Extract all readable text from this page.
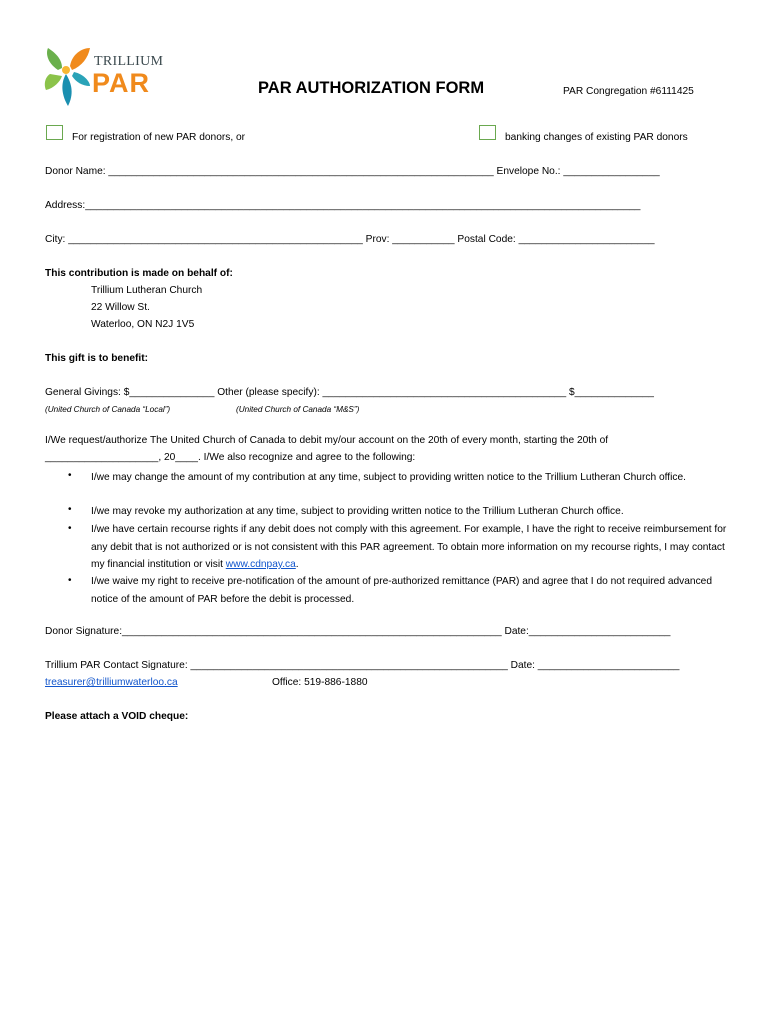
TRILLIUM
PAR	PAR AUTHORIZATION FORM	PAR Congregation #6111425
For registration of new PAR donors, or	banking changes of existing PAR donors
Donor Name: ____________________________________________________________________ Envelope No.: _________________
Address:__________________________________________________________________________________________________
City: ____________________________________________________ Prov: ___________ Postal Code: ________________________
This contribution is made on behalf of:
Trillium Lutheran Church
22 Willow St.
Waterloo, ON N2J 1V5
This gift is to benefit:
General Givings: $_______________ Other (please specify): ___________________________________________ $______________
(United Church of Canada “Local”)	(United Church of Canada “M&S”)
I/We request/authorize The United Church of Canada to debit my/our account on the 20th of every month, starting the 20th of
____________________, 20____. I/We also recognize and agree to the following:
• I/we may change the amount of my contribution at any time, subject to providing written notice to the Trillium Lutheran Church office.
• I/we may revoke my authorization at any time, subject to providing written notice to the Trillium Lutheran Church office.
• I/we have certain recourse rights if any debit does not comply with this agreement. For example, I have the right to receive reimbursement for any debit that is not authorized or is not consistent with this PAR agreement. To obtain more information on my recourse rights, I may contact my financial institution or visit www.cdnpay.ca.
• I/we waive my right to receive pre-notification of the amount of pre-authorized remittance (PAR) and agree that I do not required advanced notice of the amount of PAR before the debit is processed.
Donor Signature:___________________________________________________________________ Date:_________________________
Trillium PAR Contact Signature: ________________________________________________________ Date: _________________________
treasurer@trilliumwaterloo.ca	Office: 519-886-1880
Please attach a VOID cheque:
